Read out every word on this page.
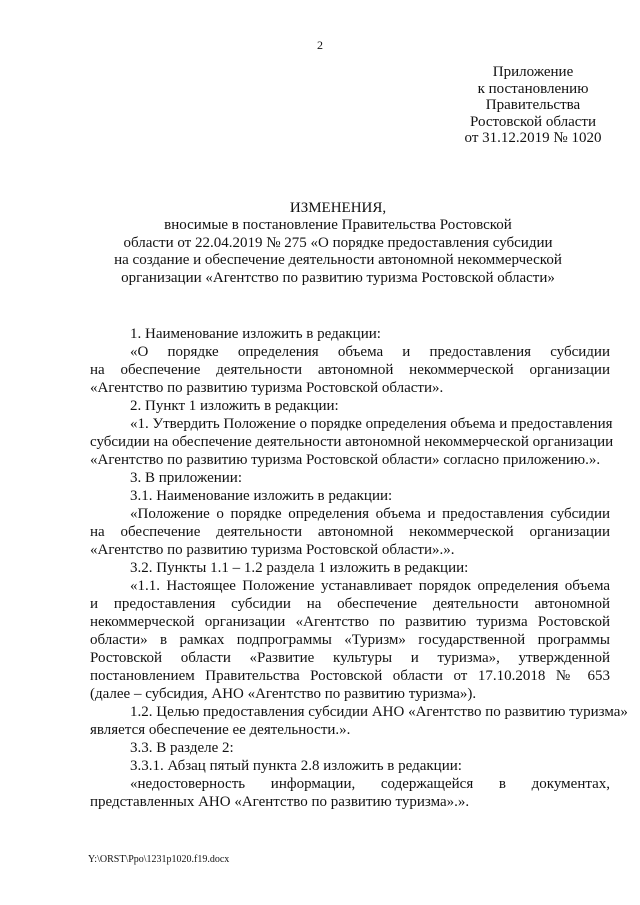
2
Приложение
к постановлению
Правительства
Ростовской области
от 31.12.2019 № 1020
ИЗМЕНЕНИЯ,
вносимые в постановление Правительства Ростовской
области от 22.04.2019 № 275 «О порядке предоставления субсидии
на создание и обеспечение деятельности автономной некоммерческой
организации «Агентство по развитию туризма Ростовской области»
1. Наименование изложить в редакции:
«О порядке определения объема и предоставления субсидии
на обеспечение деятельности автономной некоммерческой организации
«Агентство по развитию туризма Ростовской области».
2. Пункт 1 изложить в редакции:
«1. Утвердить Положение о порядке определения объема и предоставления
субсидии на обеспечение деятельности автономной некоммерческой организации
«Агентство по развитию туризма Ростовской области» согласно приложению.».
3. В приложении:
3.1. Наименование изложить в редакции:
«Положение о порядке определения объема и предоставления субсидии
на обеспечение деятельности автономной некоммерческой организации
«Агентство по развитию туризма Ростовской области».».
3.2. Пункты 1.1 – 1.2 раздела 1 изложить в редакции:
«1.1. Настоящее Положение устанавливает порядок определения объема
и предоставления субсидии на обеспечение деятельности автономной
некоммерческой организации «Агентство по развитию туризма Ростовской
области» в рамках подпрограммы «Туризм» государственной программы
Ростовской области «Развитие культуры и туризма», утвержденной
постановлением Правительства Ростовской области от 17.10.2018 № 653
(далее – субсидия, АНО «Агентство по развитию туризма»).
1.2. Целью предоставления субсидии АНО «Агентство по развитию туризма»
является обеспечение ее деятельности.».
3.3. В разделе 2:
3.3.1. Абзац пятый пункта 2.8 изложить в редакции:
«недостоверность информации, содержащейся в документах,
представленных АНО «Агентство по развитию туризма».».
Y:\ORST\Ppo\1231p1020.f19.docx
